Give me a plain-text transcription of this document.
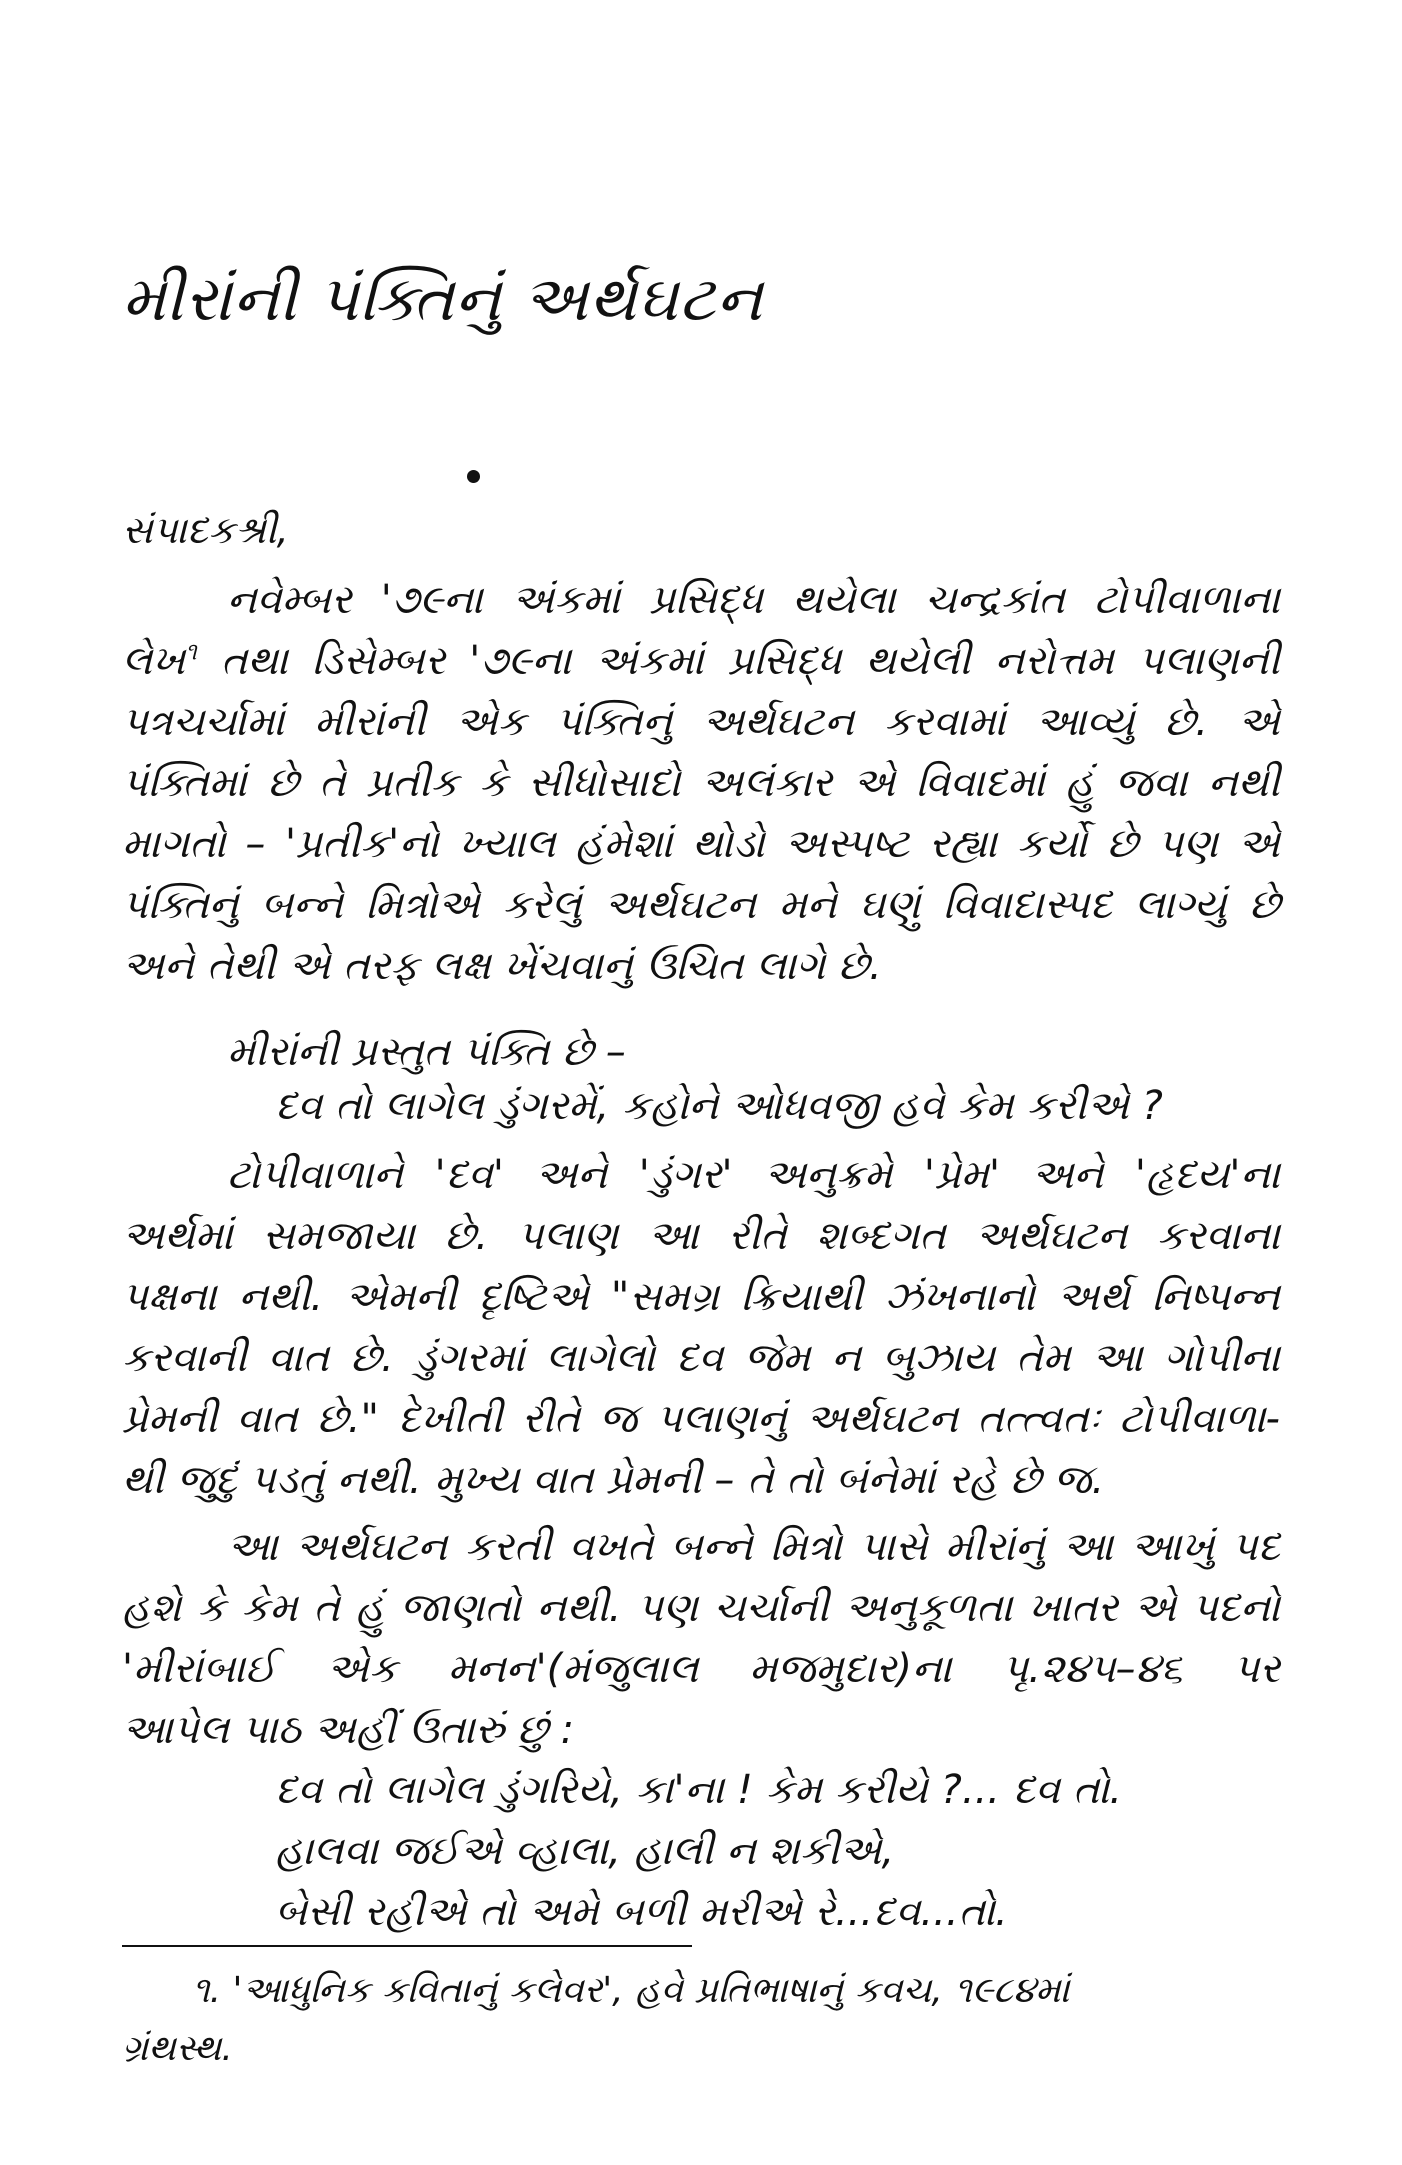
મીરાંની પંક્તિનું અર્થઘટન
સંપાદકશ્રી,
નવેમ્બર '૭૯ના અંકમાં પ્રસિદ્ધ થયેલા ચન્દ્રકાંત ટોપીવાળાના
લેખ$^૧$ તથા ડિસેમ્બર '૭૯ના અંકમાં પ્રસિદ્ધ થયેલી નરોત્તમ પલાણની
પત્રચર્ચામાં મીરાંની એક પંક્તિનું અર્થઘટન કરવામાં આવ્યું છે. એ
પંક્તિમાં છે તે પ્રતીક કે સીધોસાદો અલંકાર એ વિવાદમાં હું જવા નથી
માગતો – 'પ્રતીક'નો ખ્યાલ હંમેશાં થોડો અસ્પષ્ટ રહ્યા કર્યો છે પણ એ
પંક્તિનું બન્ને મિત્રોએ કરેલું અર્થઘટન મને ઘણું વિવાદાસ્પદ લાગ્યું છે
અને તેથી એ તરફ લક્ષ ખેંચવાનું ઉચિત લાગે છે.
મીરાંની પ્રસ્તુત પંક્તિ છે –
દવ તો લાગેલ ડુંગરમેં, કહોને ઓધવજી હવે કેમ કરીએ ?
ટોપીવાળાને 'દવ' અને 'ડુંગર' અનુક્રમે 'પ્રેમ' અને 'હૃદય'ના
અર્થમાં સમજાયા છે. પલાણ આ રીતે શબ્દગત અર્થઘટન કરવાના
પક્ષના નથી. એમની દૃષ્ટિએ "સમગ્ર ક્રિયાથી ઝંખનાનો અર્થ નિષ્પન્ન
કરવાની વાત છે. ડુંગરમાં લાગેલો દવ જેમ ન બુઝાય તેમ આ ગોપીના
પ્રેમની વાત છે." દેખીતી રીતે જ પલાણનું અર્થઘટન તત્ત્વતઃ ટોપીવાળા-
થી જુદું પડતું નથી. મુખ્ય વાત પ્રેમની – તે તો બંનેમાં રહે છે જ.
આ અર્થઘટન કરતી વખતે બન્ને મિત્રો પાસે મીરાંનું આ આખું પદ
હશે કે કેમ તે હું જાણતો નથી. પણ ચર્ચાની અનુકૂળતા ખાતર એ પદનો
'મીરાંબાઈ એક મનન'(મંજુલાલ મજમુદાર)ના પૃ.૨૪૫–૪૬ પર
આપેલ પાઠ અહીં ઉતારું છું :
દવ તો લાગેલ ડુંગરિયે, કા'ના ! કેમ કરીયે ?... દવ તો.
હાલવા જઈએ વ્હાલા, હાલી ન શકીએ,
બેસી રહીએ તો અમે બળી મરીએ રે...દવ...તો.
૧. 'આધુનિક કવિતાનું કલેવર', હવે પ્રતિભાષાનું કવચ, ૧૯૮૪માં
ગ્રંથસ્થ.
